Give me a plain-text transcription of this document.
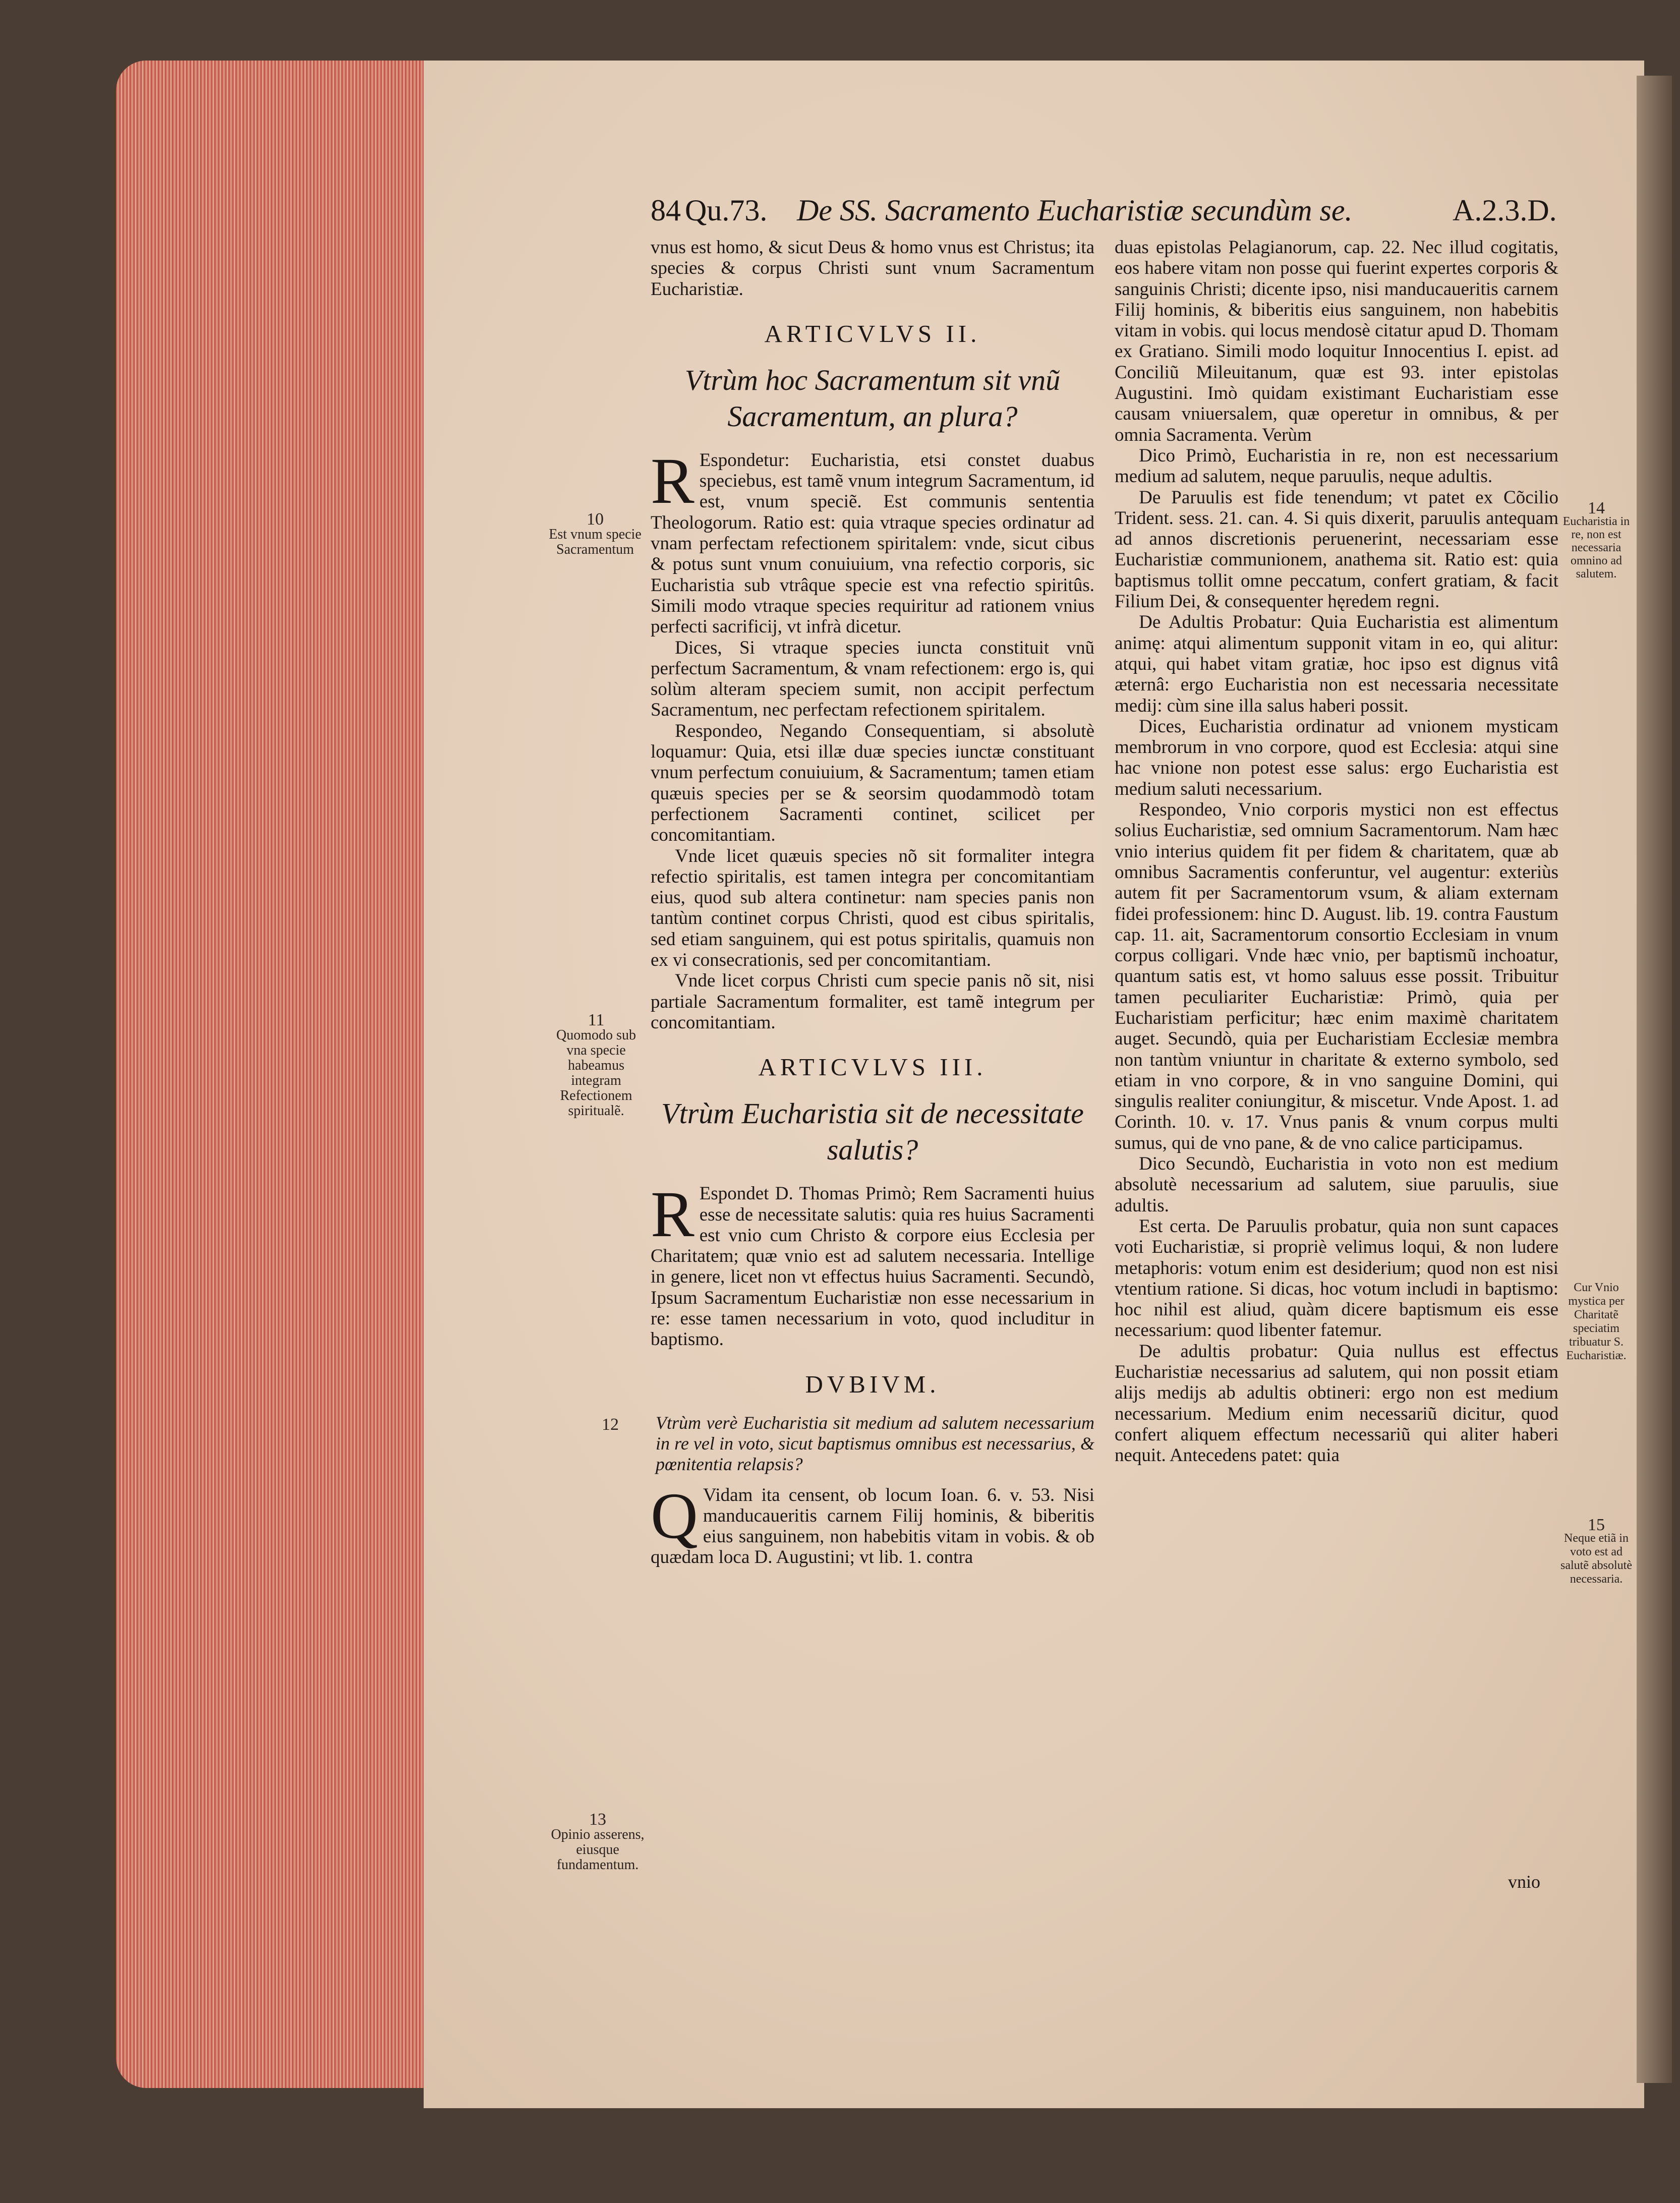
84 Qu.73. De SS. Sacramento Eucharistiæ secundùm se.	A.2.3.D.

vnus est homo, & sicut Deus & homo vnus est Christus; ita species & corpus Christi sunt vnum Sacramentum Eucharistiæ.

ARTICVLVS II.
Vtrùm hoc Sacramentum sit vnũ Sacramentum, an plura?

REspondetur: Eucharistia, etsi constet duabus speciebus, est tamẽ vnum integrum Sacramentum, id est, vnum speciẽ. Est communis sententia Theologorum. Ratio est: quia vtraque species ordinatur ad vnam perfectam refectionem spiritalem: vnde, sicut cibus & potus sunt vnum conuiuium, vna refectio corporis, sic Eucharistia sub vtrâque specie est vna refectio spiritûs. Simili modo vtraque species requiritur ad rationem vnius perfecti sacrificij, vt infrà dicetur.

Dices, Si vtraque species iuncta constituit vnũ perfectum Sacramentum, & vnam refectionem: ergo is, qui solùm alteram speciem sumit, non accipit perfectum Sacramentum, nec perfectam refectionem spiritalem.

Respondeo, Negando Consequentiam, si absolutè loquamur: Quia, etsi illæ duæ species iunctæ constituant vnum perfectum conuiuium, & Sacramentum; tamen etiam quæuis species per se & seorsim quodammodò totam perfectionem Sacramenti continet, scilicet per concomitantiam.

Vnde licet quæuis species nõ sit formaliter integra refectio spiritalis, est tamen integra per concomitantiam eius, quod sub altera continetur: nam species panis non tantùm continet corpus Christi, quod est cibus spiritalis, sed etiam sanguinem, qui est potus spiritalis, quamuis non ex vi consecrationis, sed per concomitantiam.

Vnde licet corpus Christi cum specie panis nõ sit, nisi partiale Sacramentum formaliter, est tamẽ integrum per concomitantiam.

ARTICVLVS III.
Vtrùm Eucharistia sit de necessitate salutis?

REspondet D. Thomas Primò; Rem Sacramenti huius esse de necessitate salutis: quia res huius Sacramenti est vnio cum Christo & corpore eius Ecclesia per Charitatem; quæ vnio est ad salutem necessaria. Intellige in genere, licet non vt effectus huius Sacramenti. Secundò, Ipsum Sacramentum Eucharistiæ non esse necessarium in re: esse tamen necessarium in voto, quod includitur in baptismo.

DVBIVM.
Vtrùm verè Eucharistia sit medium ad salutem necessarium in re vel in voto, sicut baptismus omnibus est necessarius, & pœnitentia relapsis?

QVidam ita censent, ob locum Ioan. 6. v. 53. Nisi manducaueritis carnem Filij hominis, & biberitis eius sanguinem, non habebitis vitam in vobis. & ob quædam loca D. Augustini; vt lib. 1. contra

duas epistolas Pelagianorum, cap. 22. Nec illud cogitatis, eos habere vitam non posse qui fuerint expertes corporis & sanguinis Christi; dicente ipso, nisi manducaueritis carnem Filij hominis, & biberitis eius sanguinem, non habebitis vitam in vobis. qui locus mendosè citatur apud D. Thomam ex Gratiano. Simili modo loquitur Innocentius I. epist. ad Conciliũ Mileuitanum, quæ est 93. inter epistolas Augustini. Imò quidam existimant Eucharistiam esse causam vniuersalem, quæ operetur in omnibus, & per omnia Sacramenta. Verùm

Dico Primò, Eucharistia in re, non est necessarium medium ad salutem, neque paruulis, neque adultis.

De Paruulis est fide tenendum; vt patet ex Cõcilio Trident. sess. 21. can. 4. Si quis dixerit, paruulis antequam ad annos discretionis peruenerint, necessariam esse Eucharistiæ communionem, anathema sit. Ratio est: quia baptismus tollit omne peccatum, confert gratiam, & facit Filium Dei, & consequenter hęredem regni.

De Adultis Probatur: Quia Eucharistia est alimentum animę: atqui alimentum supponit vitam in eo, qui alitur: atqui, qui habet vitam gratiæ, hoc ipso est dignus vitâ æternâ: ergo Eucharistia non est necessaria necessitate medij: cùm sine illa salus haberi possit.

Dices, Eucharistia ordinatur ad vnionem mysticam membrorum in vno corpore, quod est Ecclesia: atqui sine hac vnione non potest esse salus: ergo Eucharistia est medium saluti necessarium.

Respondeo, Vnio corporis mystici non est effectus solius Eucharistiæ, sed omnium Sacramentorum. Nam hæc vnio interius quidem fit per fidem & charitatem, quæ ab omnibus Sacramentis conferuntur, vel augentur: exteriùs autem fit per Sacramentorum vsum, & aliam externam fidei professionem: hinc D. August. lib. 19. contra Faustum cap. 11. ait, Sacramentorum consortio Ecclesiam in vnum corpus colligari. Vnde hæc vnio, per baptismũ inchoatur, quantum satis est, vt homo saluus esse possit. Tribuitur tamen peculiariter Eucharistiæ: Primò, quia per Eucharistiam perficitur; hæc enim maximè charitatem auget. Secundò, quia per Eucharistiam Ecclesiæ membra non tantùm vniuntur in charitate & externo symbolo, sed etiam in vno corpore, & in vno sanguine Domini, qui singulis realiter coniungitur, & miscetur. Vnde Apost. 1. ad Corinth. 10. v. 17. Vnus panis & vnum corpus multi sumus, qui de vno pane, & de vno calice participamus.

Dico Secundò, Eucharistia in voto non est medium absolutè necessarium ad salutem, siue paruulis, siue adultis.

Est certa. De Paruulis probatur, quia non sunt capaces voti Eucharistiæ, si propriè velimus loqui, & non ludere metaphoris: votum enim est desiderium; quod non est nisi vtentium ratione. Si dicas, hoc votum includi in baptismo: hoc nihil est aliud, quàm dicere baptismum eis esse necessarium: quod libenter fatemur.

De adultis probatur: Quia nullus est effectus Eucharistiæ necessarius ad salutem, qui non possit etiam alijs medijs ab adultis obtineri: ergo non est medium necessarium. Medium enim necessariũ dicitur, quod confert aliquem effectum necessariũ qui aliter haberi nequit. Antecedens patet: quia

vnio
10
Est vnum specie Sacramentum
11
Quomodo sub vna specie habeamus integram Refectionem spiritualẽ.
12
13
Opinio asserens, eiusque fundamentum.
14
Eucharistia in re, non est necessaria omnino ad salutem.
Cur Vnio mystica per Charitatẽ speciatim tribuatur S. Eucharistiæ.
15
Neque etiã in voto est ad salutẽ absolutè necessaria.
